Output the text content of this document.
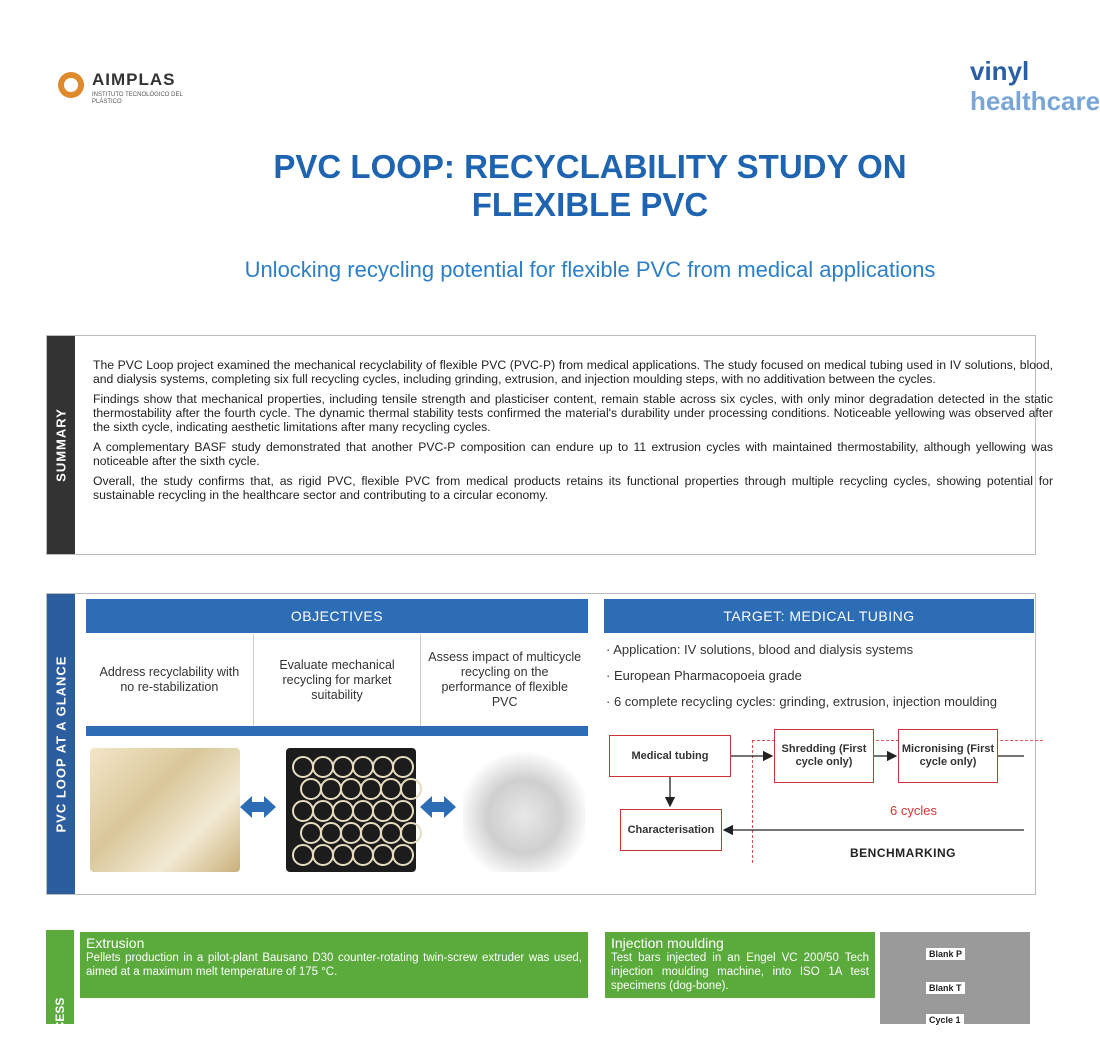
AIMPLAS
INSTITUTO TECNOLÓGICO DEL PLÁSTICO
vinyl
healthcare
PVC LOOP: RECYCLABILITY STUDY ON FLEXIBLE PVC
Unlocking recycling potential for flexible PVC from medical applications
SUMMARY

The PVC Loop project examined the mechanical recyclability of flexible PVC (PVC-P) from medical applications. The study focused on medical tubing used in IV solutions, blood, and dialysis systems, completing six full recycling cycles, including grinding, extrusion, and injection moulding steps, with no additivation between the cycles.

Findings show that mechanical properties, including tensile strength and plasticiser content, remain stable across six cycles, with only minor degradation detected in the static thermostability after the fourth cycle. The dynamic thermal stability tests confirmed the material's durability under processing conditions. Noticeable yellowing was observed after the sixth cycle, indicating aesthetic limitations after many recycling cycles.

A complementary BASF study demonstrated that another PVC-P composition can endure up to 11 extrusion cycles with maintained thermostability, although yellowing was noticeable after the sixth cycle.

Overall, the study confirms that, as rigid PVC, flexible PVC from medical products retains its functional properties through multiple recycling cycles, showing potential for sustainable recycling in the healthcare sector and contributing to a circular economy.

PVC LOOP AT A GLANCE
OBJECTIVES
Address recyclability with no re-stabilization
Evaluate mechanical recycling for market suitability
Assess impact of multicycle recycling on the performance of flexible PVC
TARGET: MEDICAL TUBING
· Application: IV solutions, blood and dialysis systems
· European Pharmacopoeia grade
· 6 complete recycling cycles: grinding, extrusion, injection moulding
Medical tubing
Shredding (First cycle only)
Micronising (First cycle only)
Characterisation
6 cycles
BENCHMARKING
PROCESS
Extrusion
Pellets production in a pilot-plant Bausano D30 counter-rotating twin-screw extruder was used, aimed at a maximum melt temperature of 175 °C.
Injection moulding
Test bars injected in an Engel VC 200/50 Tech injection moulding machine, into ISO 1A test specimens (dog-bone).
Blank P
Blank T
Cycle 1
